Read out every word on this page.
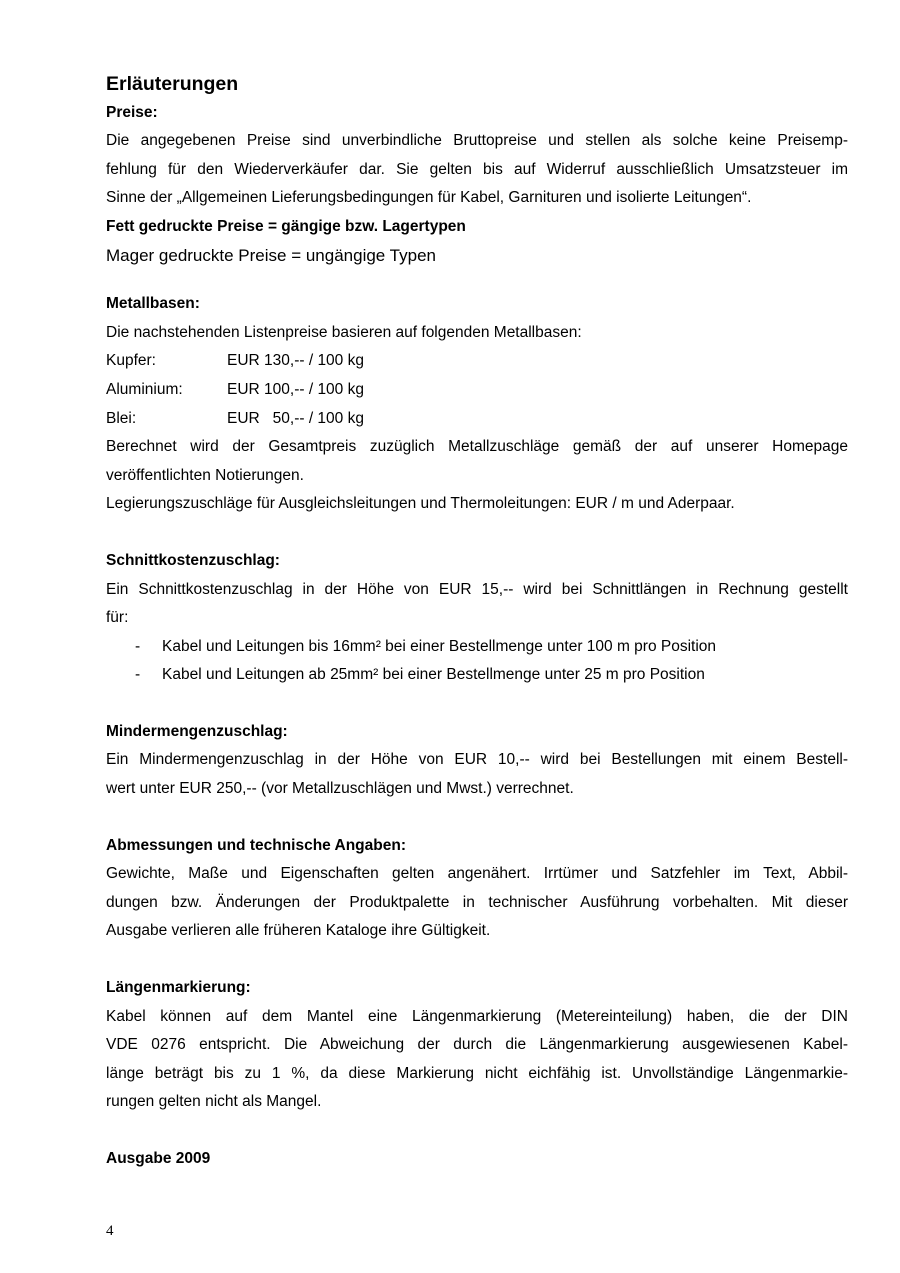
Erläuterungen
Preise:
Die angegebenen Preise sind unverbindliche Bruttopreise und stellen als solche keine Preisemp-
fehlung für den Wiederverkäufer dar. Sie gelten bis auf Widerruf ausschließlich Umsatzsteuer im
Sinne der „Allgemeinen Lieferungsbedingungen für Kabel, Garnituren und isolierte Leitungen“.
Fett gedruckte Preise = gängige bzw. Lagertypen
Mager gedruckte Preise = ungängige Typen
Metallbasen:
Die nachstehenden Listenpreise basieren auf folgenden Metallbasen:
Kupfer:	EUR 130,-- / 100 kg
Aluminium:	EUR 100,-- / 100 kg
Blei:	EUR   50,-- / 100 kg
Berechnet wird der Gesamtpreis zuzüglich Metallzuschläge gemäß der auf unserer Homepage
veröffentlichten Notierungen.
Legierungszuschläge für Ausgleichsleitungen und Thermoleitungen: EUR / m und Aderpaar.
Schnittkostenzuschlag:
Ein Schnittkostenzuschlag in der Höhe von EUR 15,-- wird bei Schnittlängen in Rechnung gestellt
für:
- Kabel und Leitungen bis 16mm² bei einer Bestellmenge unter 100 m pro Position
- Kabel und Leitungen ab 25mm² bei einer Bestellmenge unter 25 m pro Position
Mindermengenzuschlag:
Ein Mindermengenzuschlag in der Höhe von EUR 10,-- wird bei Bestellungen mit einem Bestell-
wert unter EUR 250,-- (vor Metallzuschlägen und Mwst.) verrechnet.
Abmessungen und technische Angaben:
Gewichte, Maße und Eigenschaften gelten angenähert. Irrtümer und Satzfehler im Text, Abbil-
dungen bzw. Änderungen der Produktpalette in technischer Ausführung vorbehalten. Mit dieser
Ausgabe verlieren alle früheren Kataloge ihre Gültigkeit.
Längenmarkierung:
Kabel können auf dem Mantel eine Längenmarkierung (Metereinteilung) haben, die der DIN
VDE 0276 entspricht. Die Abweichung der durch die Längenmarkierung ausgewiesenen Kabel-
länge beträgt bis zu 1 %, da diese Markierung nicht eichfähig ist. Unvollständige Längenmarkie-
rungen gelten nicht als Mangel.
Ausgabe 2009
4
